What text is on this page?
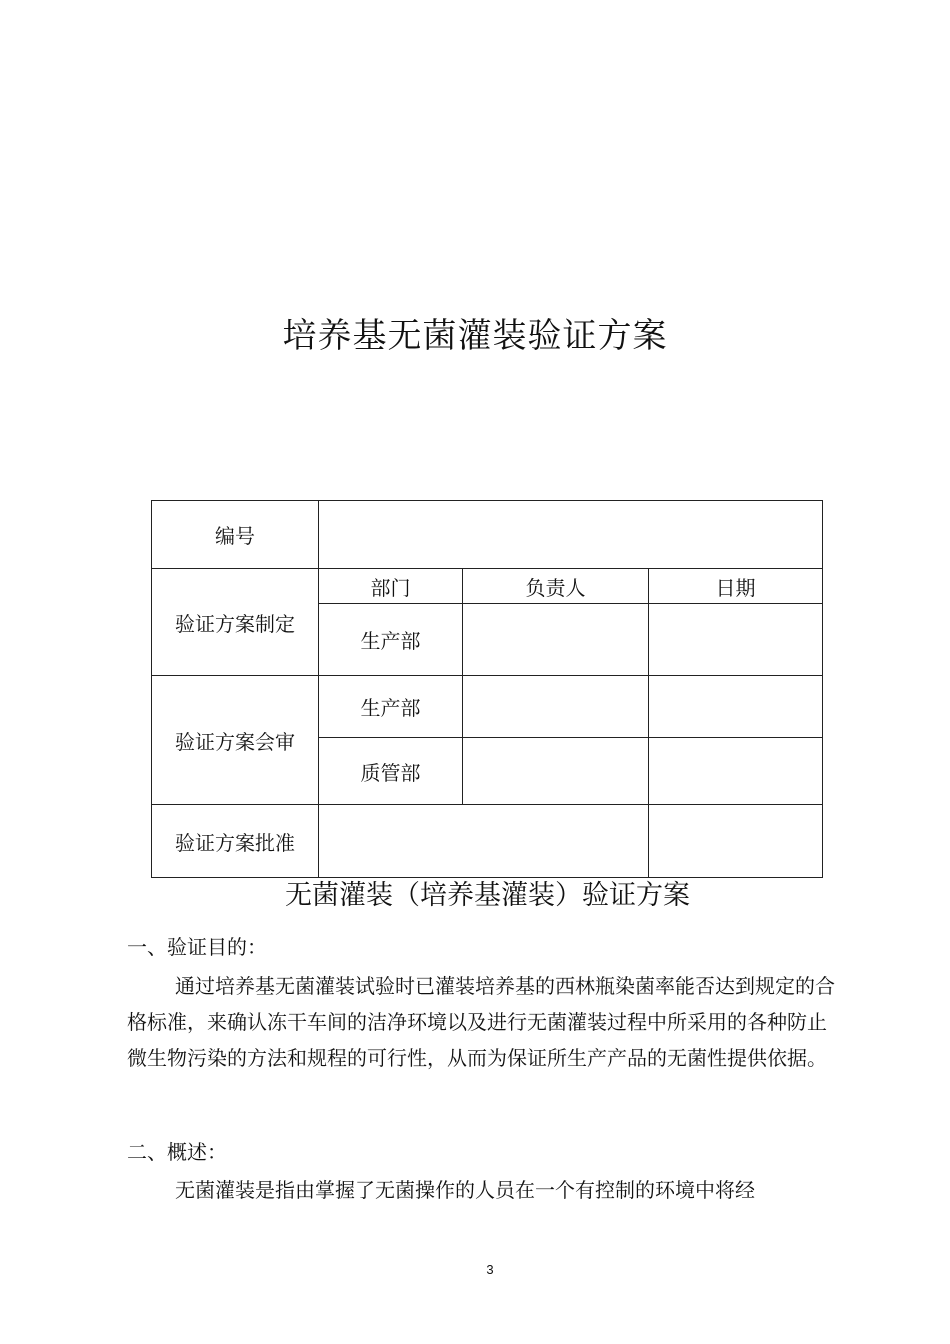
培养基无菌灌装验证方案
编号			
验证方案制定	部门	负责人	日期
	生产部		
验证方案会审	生产部		
	质管部		
验证方案批准			
无菌灌装（培养基灌装）验证方案
一、验证目的：

通过培养基无菌灌装试验时已灌装培养基的西林瓶染菌率能否达到规定的合格标准，来确认冻干车间的洁净环境以及进行无菌灌装过程中所采用的各种防止微生物污染的方法和规程的可行性，从而为保证所生产产品的无菌性提供依据。

二、概述：

无菌灌装是指由掌握了无菌操作的人员在一个有控制的环境中将经

3
